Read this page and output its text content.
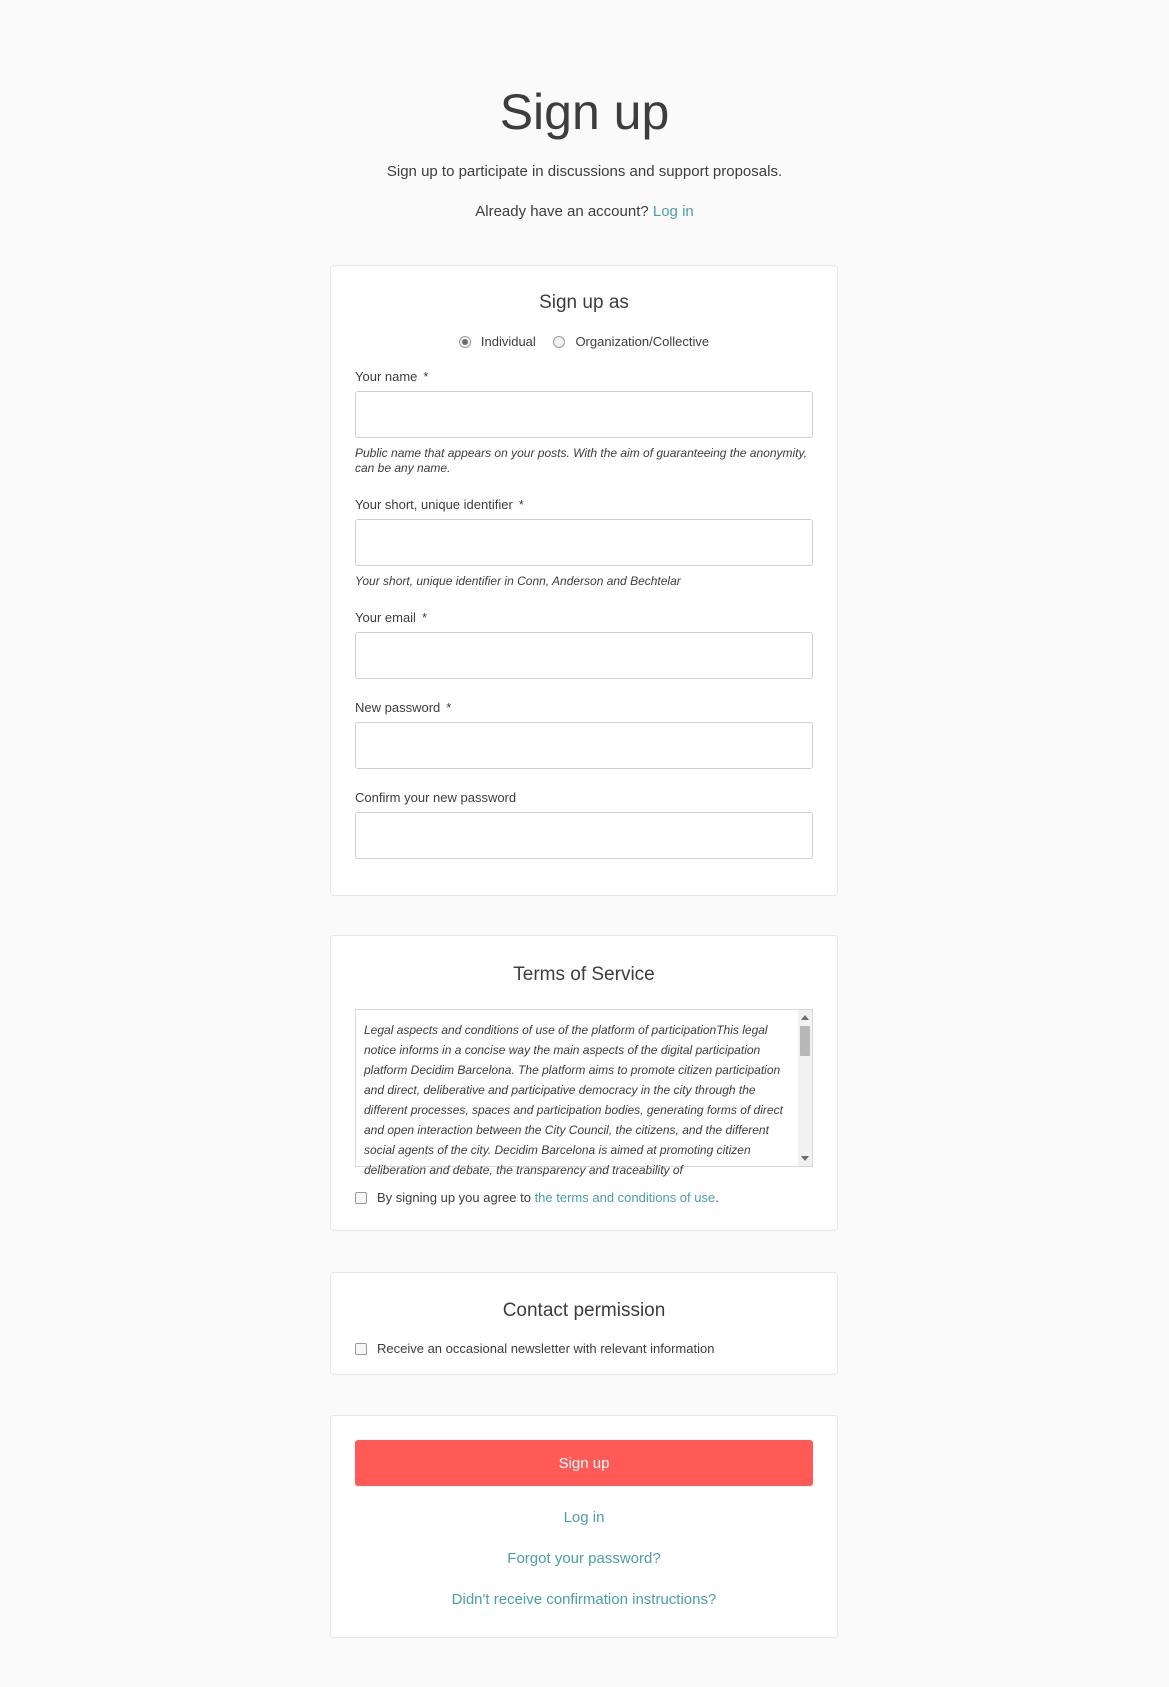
Sign up

Sign up to participate in discussions and support proposals.

Already have an account? Log in

Sign up as
Individual
	Organization/Collective
Your name *
Public name that appears on your posts. With the aim of guaranteeing the anonymity, can be any name.
Your short, unique identifier *
Your short, unique identifier in Conn, Anderson and Bechtelar
Your email *
New password *
Confirm your new password
Terms of Service
Legal aspects and conditions of use of the platform of participationThis legal notice informs in a concise way the main aspects of the digital participation platform Decidim Barcelona. The platform aims to promote citizen participation and direct, deliberative and participative democracy in the city through the different processes, spaces and participation bodies, generating forms of direct and open interaction between the City Council, the citizens, and the different social agents of the city. Decidim Barcelona is aimed at promoting citizen deliberation and debate, the transparency and traceability of
By signing up you agree to the terms and conditions of use.
Contact permission
Receive an occasional newsletter with relevant information
Sign up
Log in
Forgot your password?
Didn't receive confirmation instructions?
